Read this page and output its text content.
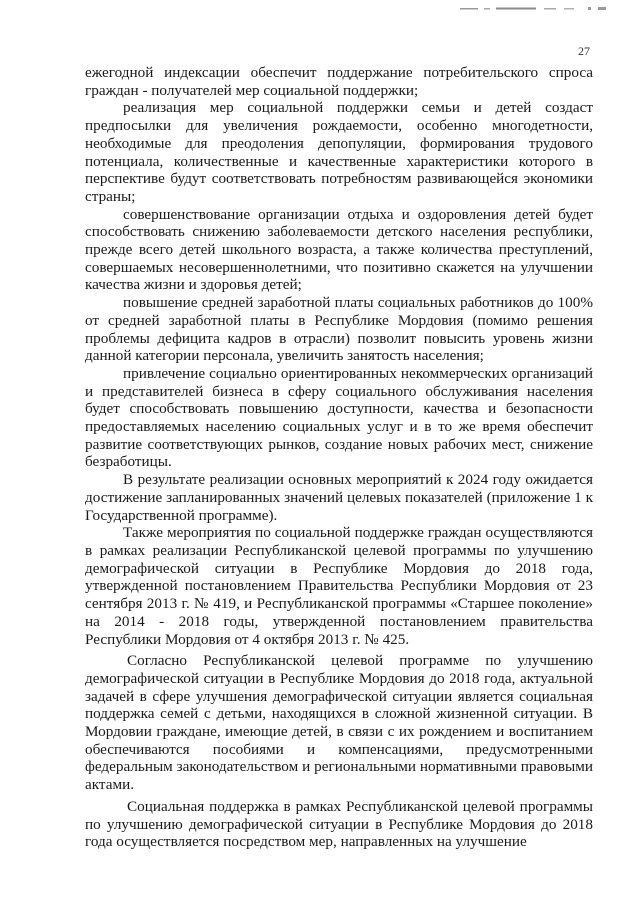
27

ежегодной индексации обеспечит поддержание потребительского спроса граждан - получателей мер социальной поддержки;

реализация мер социальной поддержки семьи и детей создаст предпосылки для увеличения рождаемости, особенно многодетности, необходимые для преодоления депопуляции, формирования трудового потенциала, количественные и качественные характеристики которого в перспективе будут соответствовать потребностям развивающейся экономики страны;

совершенствование организации отдыха и оздоровления детей будет способствовать снижению заболеваемости детского населения республики, прежде всего детей школьного возраста, а также количества преступлений, совершаемых несовершеннолетними, что позитивно скажется на улучшении качества жизни и здоровья детей;

повышение средней заработной платы социальных работников до 100% от средней заработной платы в Республике Мордовия (помимо решения проблемы дефицита кадров в отрасли) позволит повысить уровень жизни данной категории персонала, увеличить занятость населения;

привлечение социально ориентированных некоммерческих организаций и представителей бизнеса в сферу социального обслуживания населения будет способствовать повышению доступности, качества и безопасности предоставляемых населению социальных услуг и в то же время обеспечит развитие соответствующих рынков, создание новых рабочих мест, снижение безработицы.

В результате реализации основных мероприятий к 2024 году ожидается достижение запланированных значений целевых показателей (приложение 1 к Государственной программе).

Также мероприятия по социальной поддержке граждан осуществляются в рамках реализации Республиканской целевой программы по улучшению демографической ситуации в Республике Мордовия до 2018 года, утвержденной постановлением Правительства Республики Мордовия от 23 сентября 2013 г. № 419, и Республиканской программы «Старшее поколение» на 2014 - 2018 годы, утвержденной постановлением правительства Республики Мордовия от 4 октября 2013 г. № 425.

Согласно Республиканской целевой программе по улучшению демографической ситуации в Республике Мордовия до 2018 года, актуальной задачей в сфере улучшения демографической ситуации является социальная поддержка семей с детьми, находящихся в сложной жизненной ситуации. В Мордовии граждане, имеющие детей, в связи с их рождением и воспитанием обеспечиваются пособиями и компенсациями, предусмотренными федеральным законодательством и региональными нормативными правовыми актами.

Социальная поддержка в рамках Республиканской целевой программы по улучшению демографической ситуации в Республике Мордовия до 2018 года осуществляется посредством мер, направленных на улучшение
